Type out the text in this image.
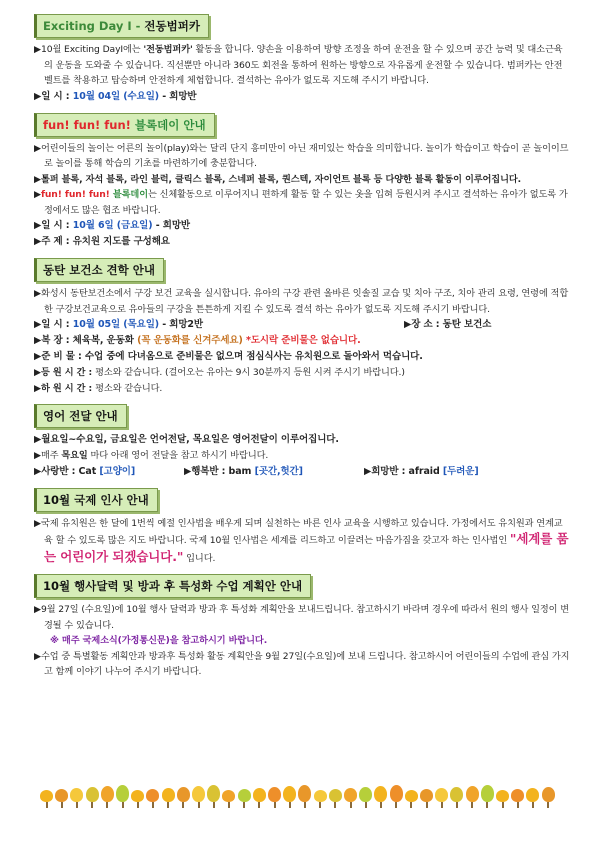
Exciting Day Ⅰ - 전동범퍼카

▶10월 Exciting DayⅠ에는 '전동범퍼카' 활동을 합니다. 양손을 이용하여 방향 조정을 하여 운전을 할 수 있으며 공간 능력 및 대소근육의 운동을 도와줄 수 있습니다. 직선뿐만 아니라 360도 회전을 통하여 원하는 방향으로 자유롭게 운전할 수 있습니다. 범퍼카는 안전벨트를 착용하고 탑승하며 안전하게 체험합니다. 결석하는 유아가 없도록 지도해 주시기 바랍니다.

▶일 시 : 10월 04일 (수요일) - 희망반

fun! fun! fun! 블록데이 안내

▶어린이들의 놀이는 어른의 놀이(play)와는 달리 단지 흥미만이 아닌 재미있는 학습을 의미합니다. 놀이가 학습이고 학습이 곧 놀이이므로 놀이를 통해 학습의 기초를 마련하기에 충분합니다.

▶톨퍼 블록, 자석 블록, 라인 블럭, 클릭스 블록, 스네퍼 블록, 퀀스텍, 자이언트 블록 등 다양한 블록 활동이 이루어집니다.

▶fun! fun! fun! 블록데이는 신체활동으로 이루어지니 편하게 활동 할 수 있는 옷을 입혀 등원시켜 주시고 결석하는 유아가 없도록 가정에서도 많은 협조 바랍니다.

▶일 시 : 10월 6일 (금요일) - 희망반

▶주 제 : 유치원 지도를 구성해요

동탄 보건소 견학 안내

▶화성시 동탄보건소에서 구강 보건 교육을 실시합니다. 유아의 구강 관련 올바른 잇솔질 교습 및 치아 구조, 치아 관리 요령, 연령에 적합한 구강보건교육으로 유아들의 구강을 튼튼하게 지킬 수 있도록 결석 하는 유아가 없도록 지도해 주시기 바랍니다.

▶일 시 : 10월 05일 (목요일) - 희망2반	▶장 소 : 동탄 보건소

▶복 장 : 체육복, 운동화 (꼭 운동화를 신겨주세요) *도시락 준비물은 없습니다.

▶준 비 물 : 수업 중에 다녀옴으로 준비물은 없으며 점심식사는 유치원으로 돌아와서 먹습니다.

▶등 원 시 간 : 평소와 같습니다. (걸어오는 유아는 9시 30분까지 등원 시켜 주시기 바랍니다.)

▶하 원 시 간 : 평소와 같습니다.

영어 전달 안내

▶월요일~수요일, 금요일은 언어전달, 목요일은 영어전달이 이루어집니다.

▶매주 목요일 마다 아래 영어 전달을 참고 하시기 바랍니다.

▶사랑반 : Cat [고양이]	▶행복반 : bam [곳간,헛간]	▶희망반 : afraid [두려운]

10월 국제 인사 안내

▶국제 유치원은 한 달에 1번씩 예절 인사법을 배우게 되며 실천하는 바른 인사 교육을 시행하고 있습니다. 가정에서도 유치원과 연계교육 할 수 있도록 많은 지도 바랍니다. 국제 10월 인사법은 세계를 리드하고 이끌려는 마음가짐을 갖고자 하는 인사법인 "세계를 품는 어린이가 되겠습니다." 입니다.

10월 행사달력 및 방과 후 특성화 수업 계획안 안내

▶9월 27일 (수요일)에 10월 행사 달력과 방과 후 특성화 계획안을 보내드립니다. 참고하시기 바라며 경우에 따라서 원의 행사 일정이 변경될 수 있습니다.

※ 매주 국제소식(가정통신문)을 참고하시기 바랍니다.

▶수업 중 특별활동 계획안과 방과후 특성화 활동 계획안을 9월 27일(수요일)에 보내 드립니다. 참고하시어 어린이들의 수업에 관심 가지고 함께 이야기 나누어 주시기 바랍니다.
